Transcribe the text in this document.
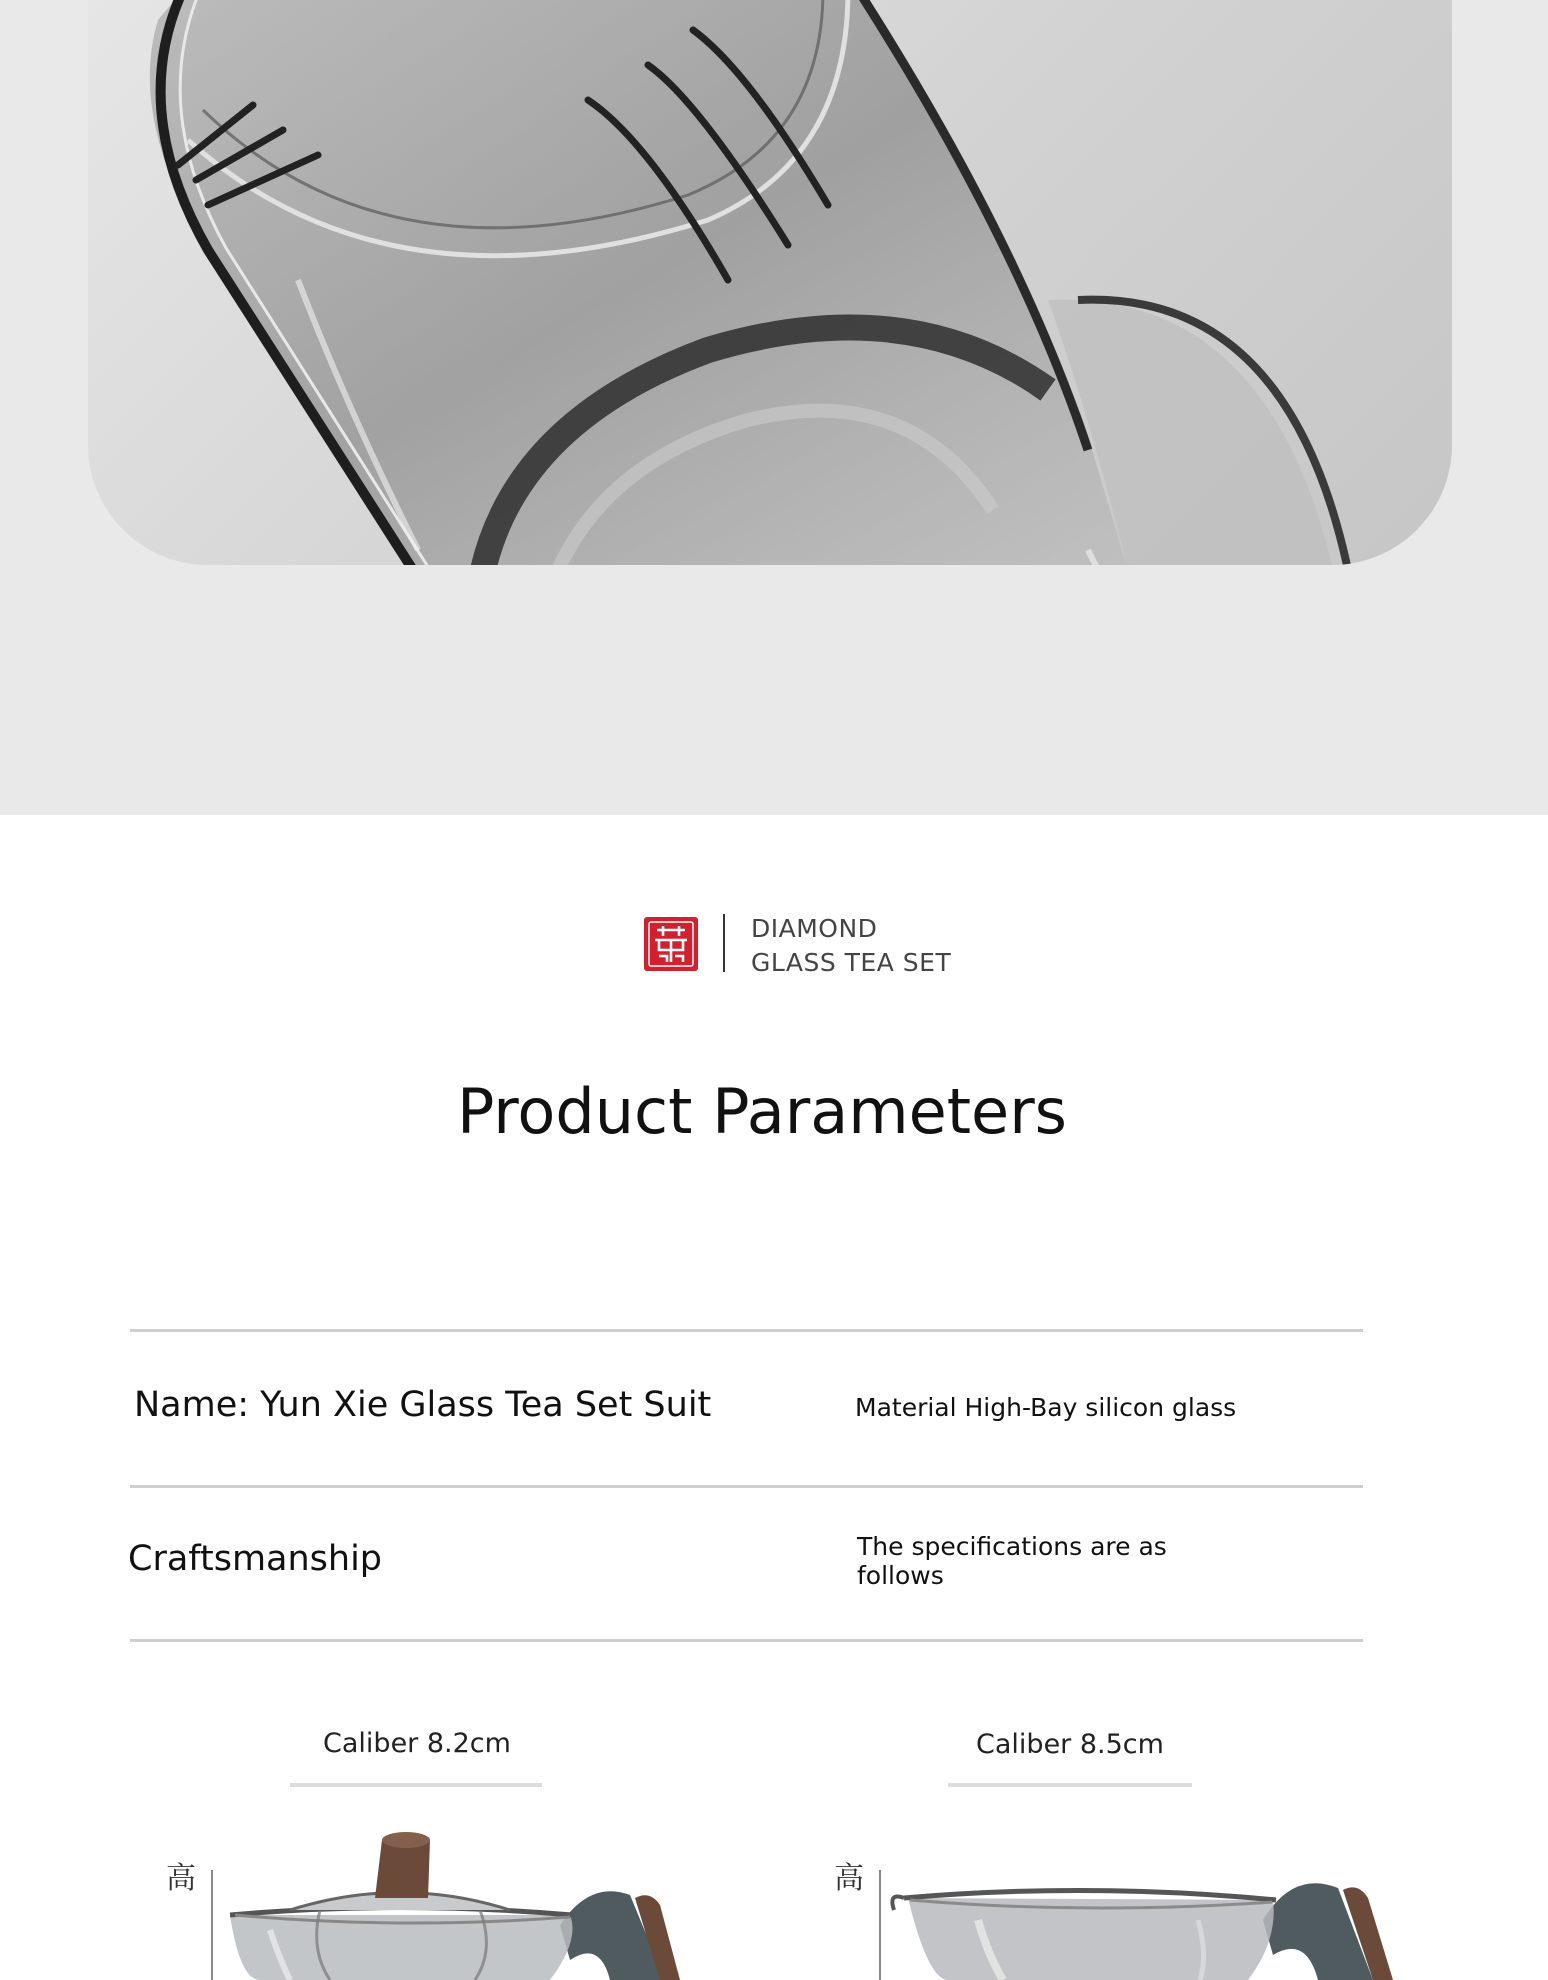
DIAMOND
GLASS TEA SET
Product Parameters
Name: Yun Xie Glass Tea Set Suit	Material High-Bay silicon glass
Craftsmanship	The specifications are as
follows
Caliber 8.2cm
高
Caliber 8.5cm
高
